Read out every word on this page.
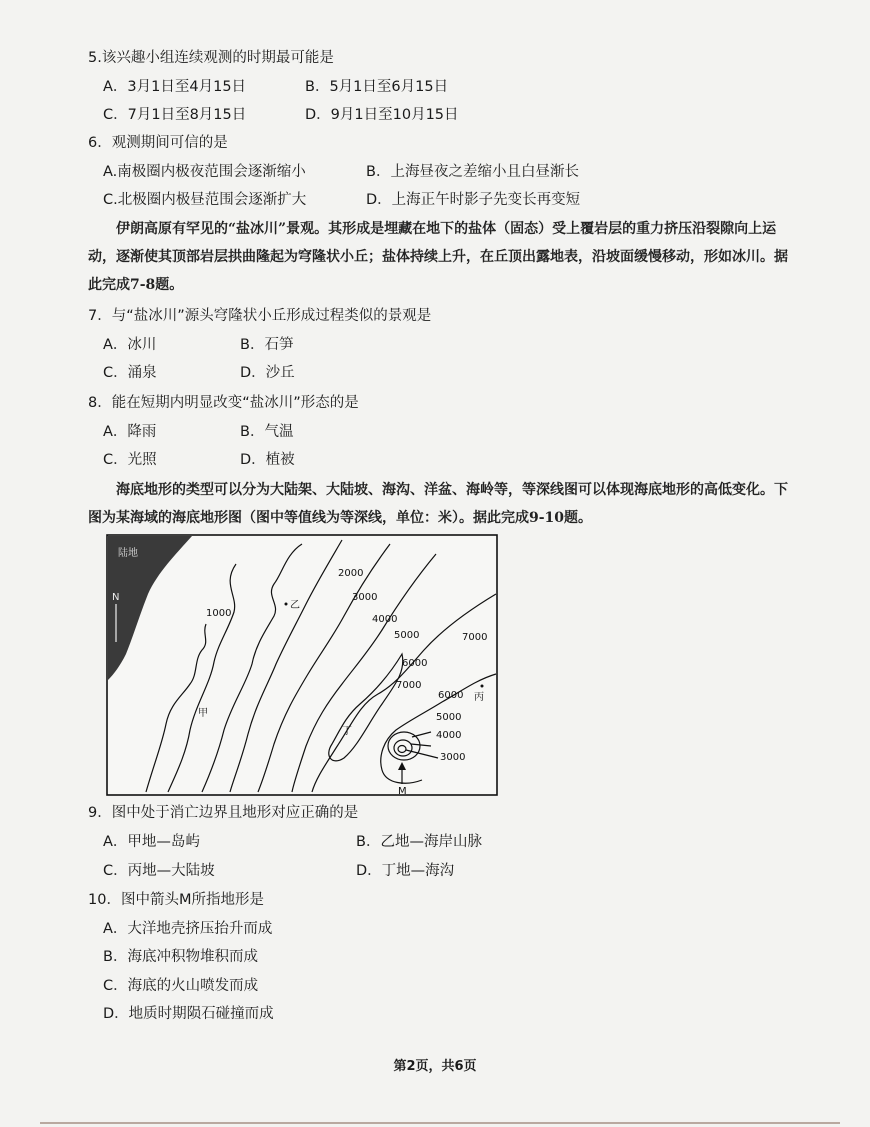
5.该兴趣小组连续观测的时期最可能是
A．3月1日至4月15日	B．5月1日至6月15日
C．7月1日至8月15日	D．9月1日至10月15日
6．观测期间可信的是
A.南极圈内极夜范围会逐渐缩小	B．上海昼夜之差缩小且白昼渐长
C.北极圈内极昼范围会逐渐扩大	D．上海正午时影子先变长再变短
伊朗高原有罕见的“盐冰川”景观。其形成是埋藏在地下的盐体（固态）受上覆岩层的重力挤压沿裂隙向上运动，逐渐使其顶部岩层拱曲隆起为穹隆状小丘；盐体持续上升，在丘顶出露地表，沿坡面缓慢移动，形如冰川。据此完成7-8题。
7．与“盐冰川”源头穹隆状小丘形成过程类似的景观是
A．冰川	B．石笋
C．涌泉	D．沙丘
8．能在短期内明显改变“盐冰川”形态的是
A．降雨	B．气温
C．光照	D．植被
海底地形的类型可以分为大陆架、大陆坡、海沟、洋盆、海岭等，等深线图可以体现海底地形的高低变化。下图为某海域的海底地形图（图中等值线为等深线，单位：米）。据此完成9-10题。
陆地
N
1000
2000
3000
4000
5000
6000
7000
7000
6000
5000
4000
3000
乙
甲
丙
丁
M
9．图中处于消亡边界且地形对应正确的是
A．甲地—岛屿	B．乙地—海岸山脉
C．丙地—大陆坡	D．丁地—海沟
10．图中箭头M所指地形是
A．大洋地壳挤压抬升而成
B．海底冲积物堆积而成
C．海底的火山喷发而成
D．地质时期陨石碰撞而成
第2页，共6页
